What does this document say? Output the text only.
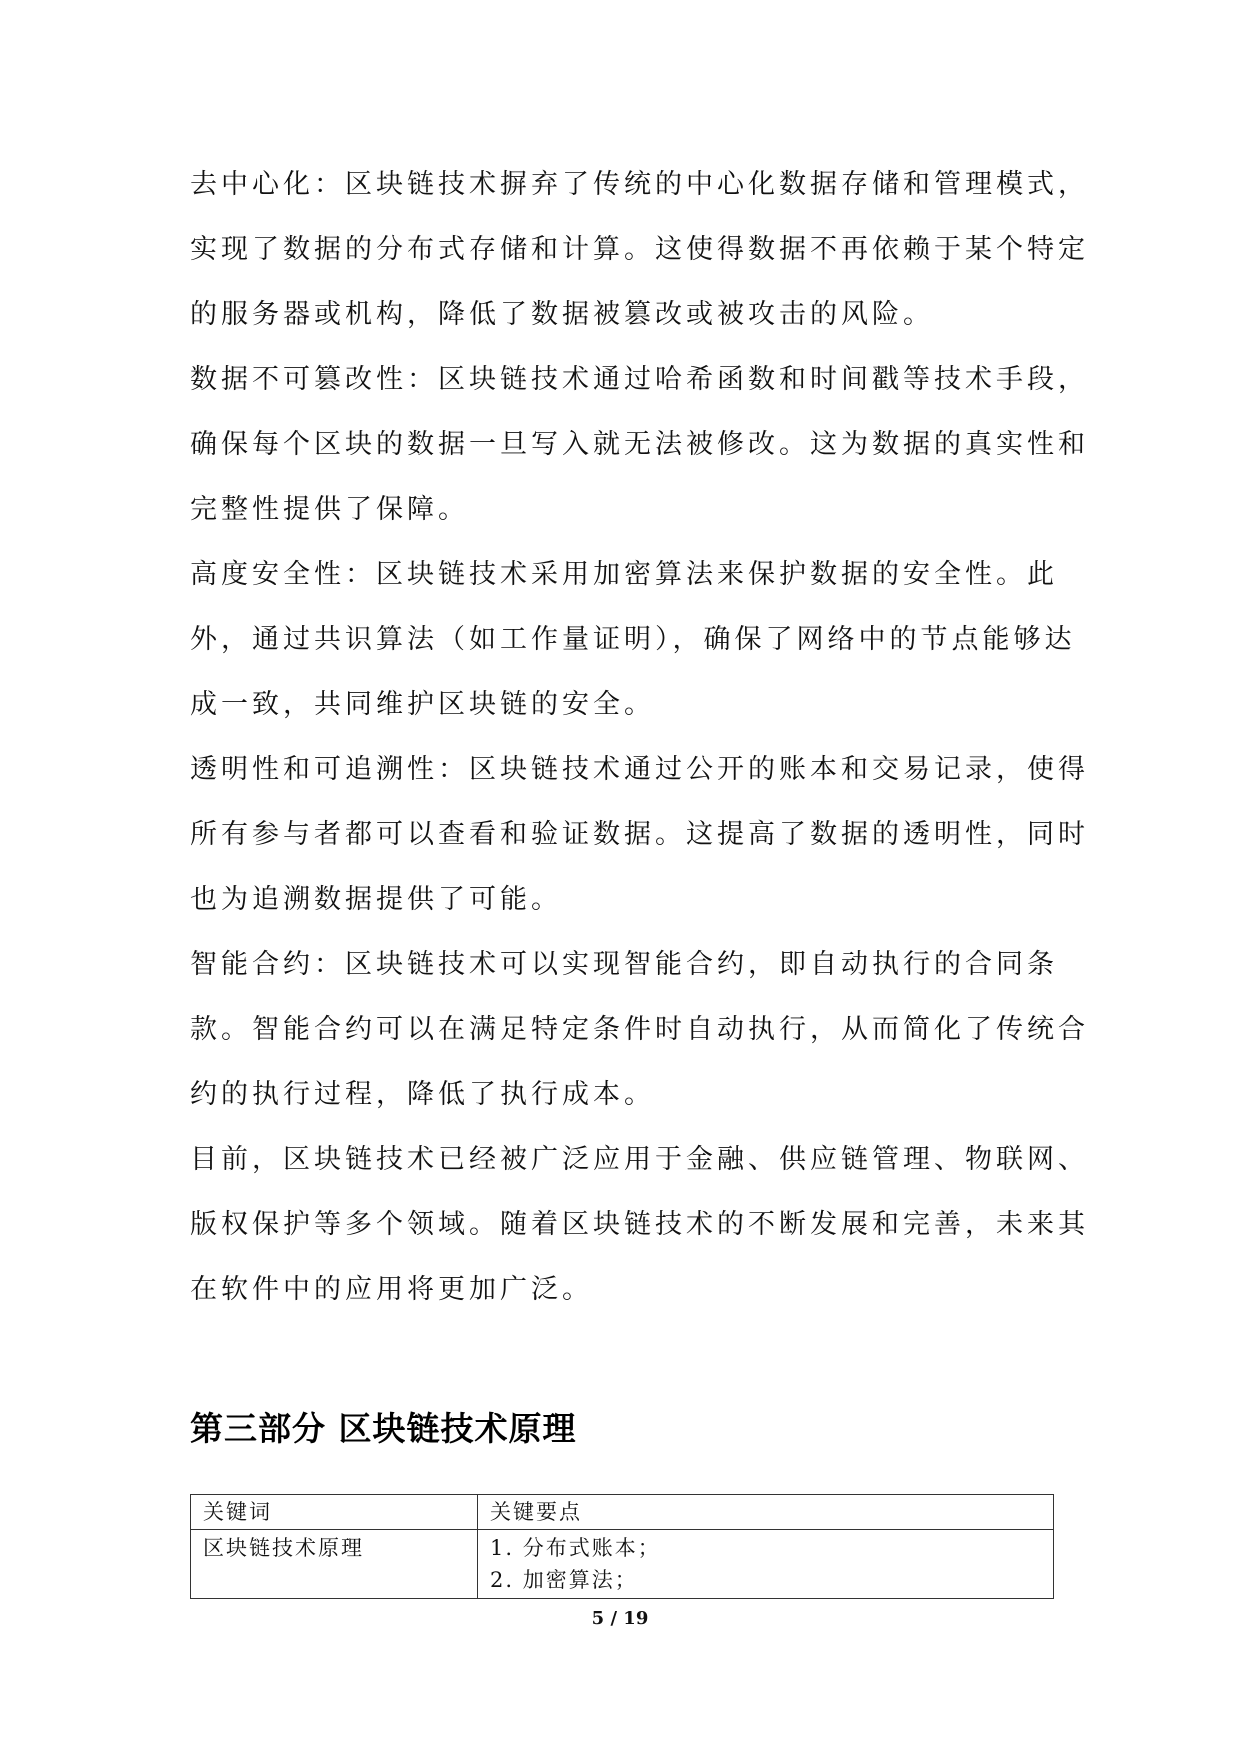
去中心化：区块链技术摒弃了传统的中心化数据存储和管理模式，实现了数据的分布式存储和计算。这使得数据不再依赖于某个特定的服务器或机构，降低了数据被篡改或被攻击的风险。

数据不可篡改性：区块链技术通过哈希函数和时间戳等技术手段，确保每个区块的数据一旦写入就无法被修改。这为数据的真实性和完整性提供了保障。

高度安全性：区块链技术采用加密算法来保护数据的安全性。此外，通过共识算法（如工作量证明），确保了网络中的节点能够达成一致，共同维护区块链的安全。

透明性和可追溯性：区块链技术通过公开的账本和交易记录，使得所有参与者都可以查看和验证数据。这提高了数据的透明性，同时也为追溯数据提供了可能。

智能合约：区块链技术可以实现智能合约，即自动执行的合同条款。智能合约可以在满足特定条件时自动执行，从而简化了传统合约的执行过程，降低了执行成本。

目前，区块链技术已经被广泛应用于金融、供应链管理、物联网、版权保护等多个领域。随着区块链技术的不断发展和完善，未来其在软件中的应用将更加广泛。

第三部分 区块链技术原理
关键词	关键要点
区块链技术原理	1. 分布式账本；
2. 加密算法；
5 / 19
